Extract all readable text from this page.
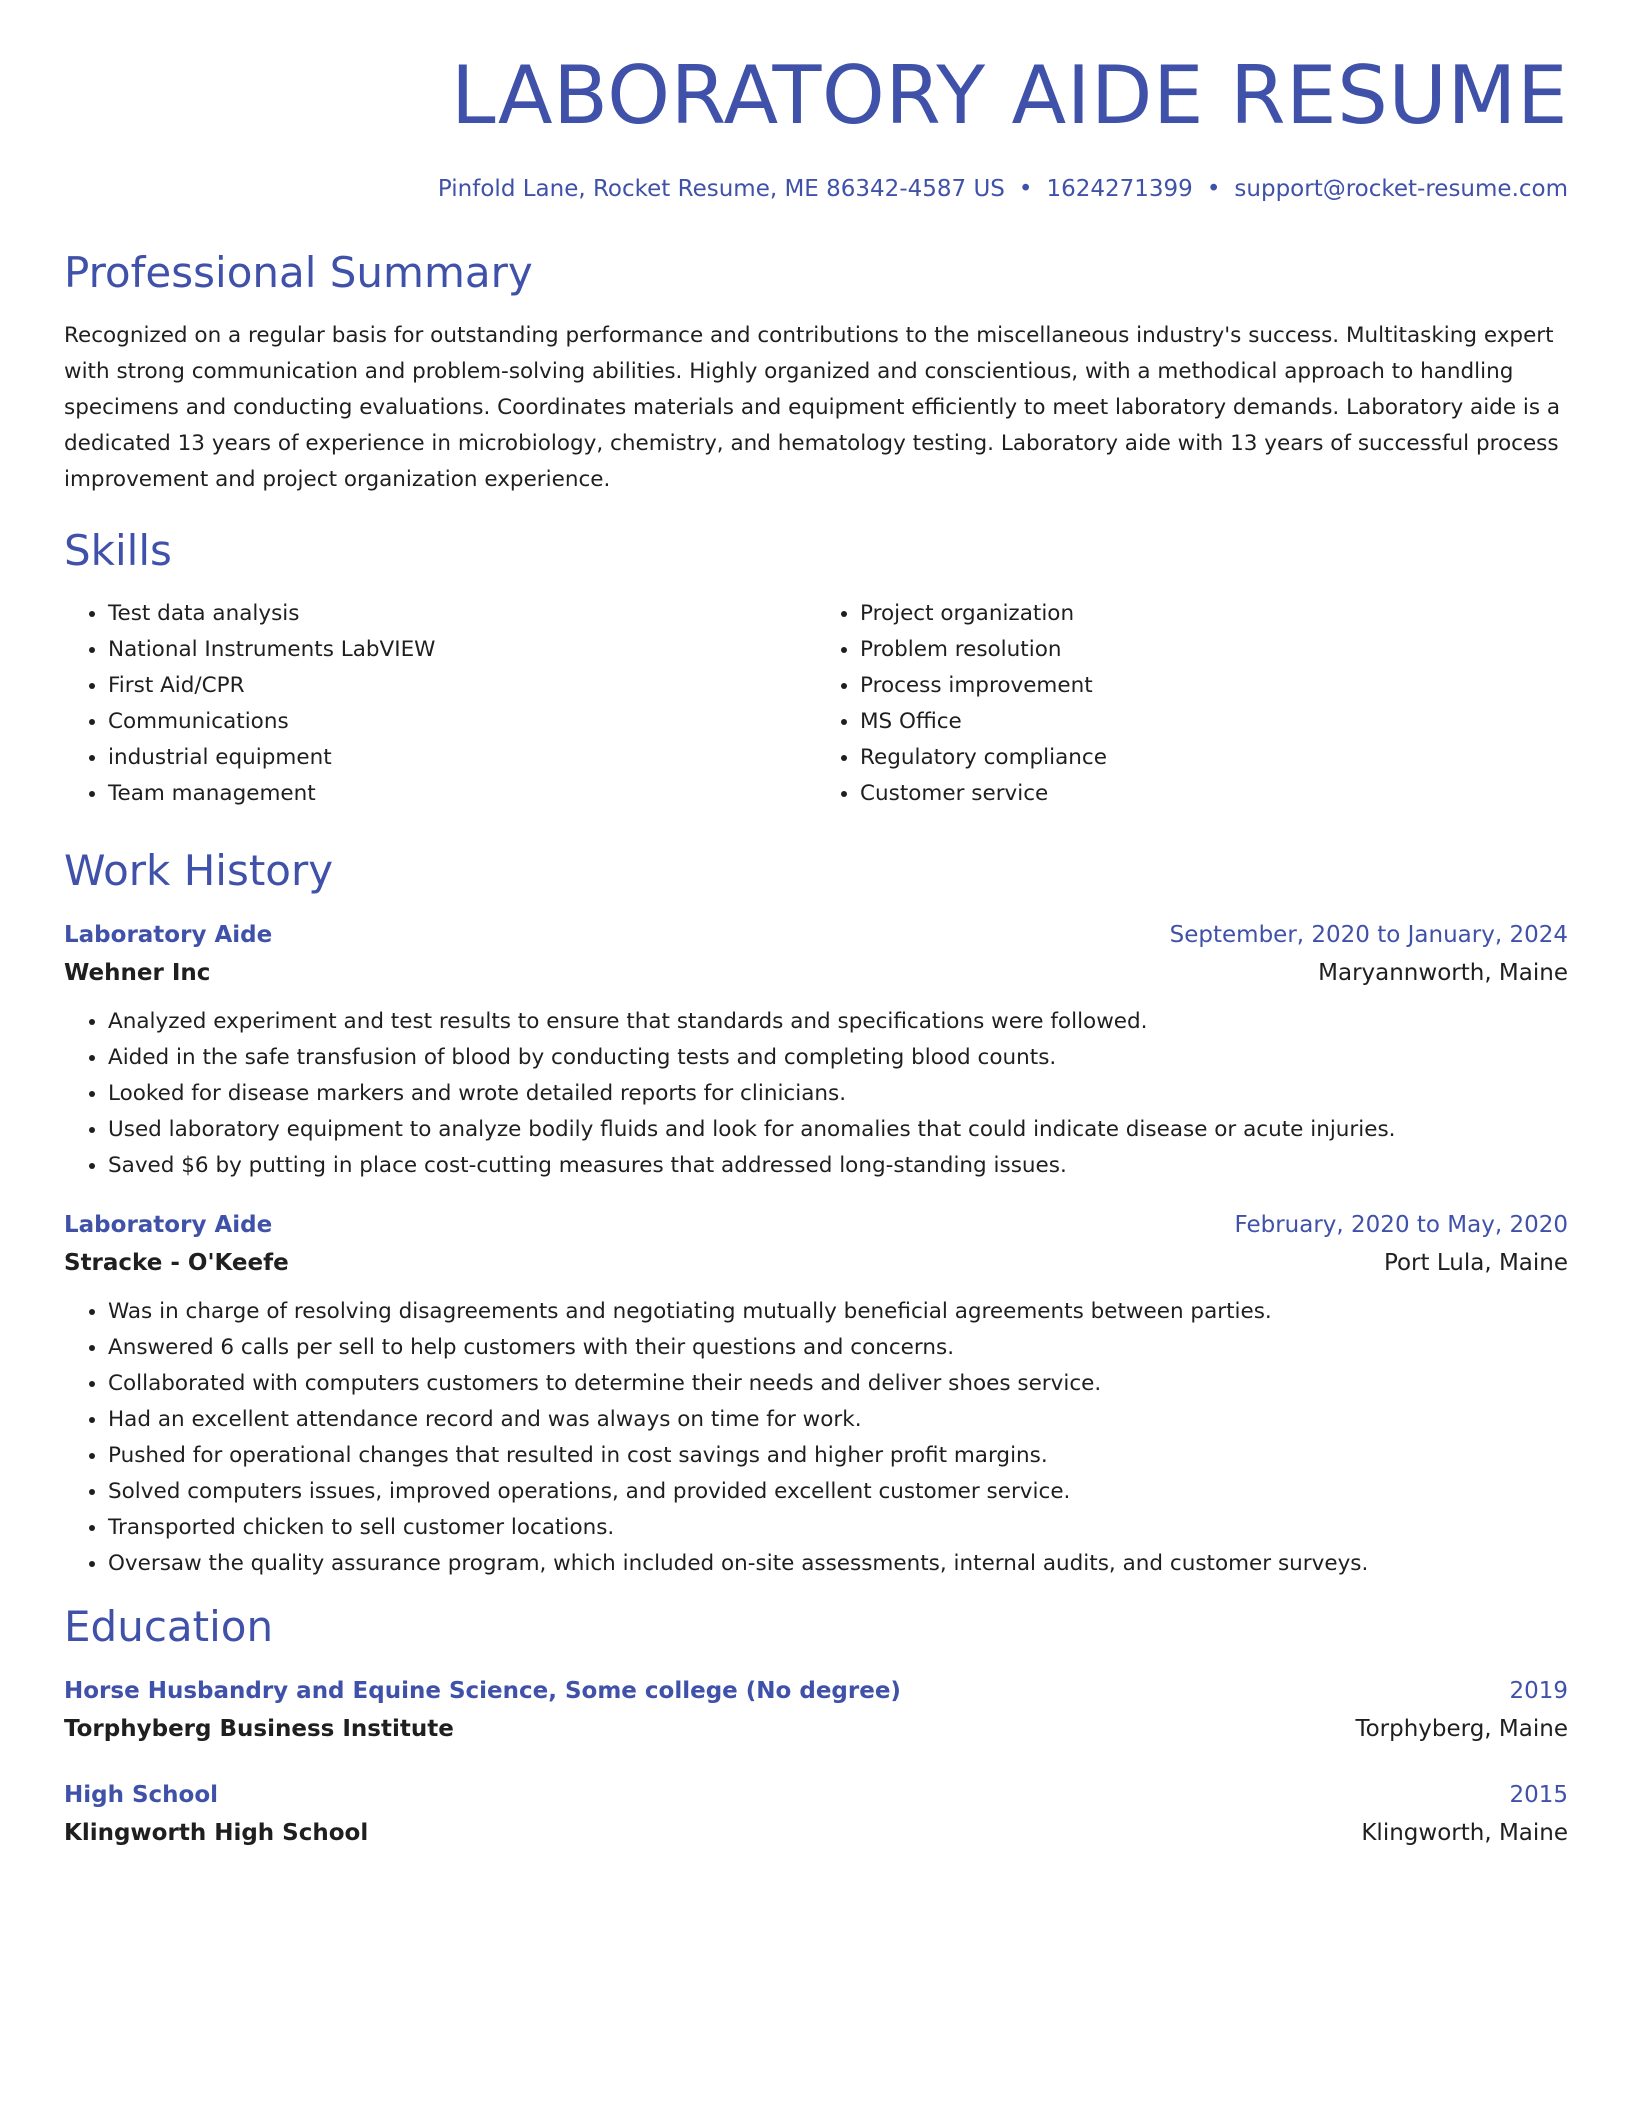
LABORATORY AIDE RESUME
Pinfold Lane, Rocket Resume, ME 86342-4587 US • 1624271399 • support@rocket-resume.com
Professional Summary

Recognized on a regular basis for outstanding performance and contributions to the miscellaneous industry's success. Multitasking expert with strong communication and problem-solving abilities. Highly organized and conscientious, with a methodical approach to handling specimens and conducting evaluations. Coordinates materials and equipment efficiently to meet laboratory demands. Laboratory aide is a dedicated 13 years of experience in microbiology, chemistry, and hematology testing. Laboratory aide with 13 years of successful process improvement and project organization experience.

Skills
• Test data analysis
• National Instruments LabVIEW
• First Aid/CPR
• Communications
• industrial equipment
• Team management
• Project organization
• Problem resolution
• Process improvement
• MS Office
• Regulatory compliance
• Customer service
Work History
Laboratory Aide	September, 2020 to January, 2024
Wehner Inc	Maryannworth, Maine
• Analyzed experiment and test results to ensure that standards and specifications were followed.
• Aided in the safe transfusion of blood by conducting tests and completing blood counts.
• Looked for disease markers and wrote detailed reports for clinicians.
• Used laboratory equipment to analyze bodily fluids and look for anomalies that could indicate disease or acute injuries.
• Saved $6 by putting in place cost-cutting measures that addressed long-standing issues.
Laboratory Aide	February, 2020 to May, 2020
Stracke - O'Keefe	Port Lula, Maine
• Was in charge of resolving disagreements and negotiating mutually beneficial agreements between parties.
• Answered 6 calls per sell to help customers with their questions and concerns.
• Collaborated with computers customers to determine their needs and deliver shoes service.
• Had an excellent attendance record and was always on time for work.
• Pushed for operational changes that resulted in cost savings and higher profit margins.
• Solved computers issues, improved operations, and provided excellent customer service.
• Transported chicken to sell customer locations.
• Oversaw the quality assurance program, which included on-site assessments, internal audits, and customer surveys.
Education
Horse Husbandry and Equine Science, Some college (No degree)	2019
Torphyberg Business Institute	Torphyberg, Maine
High School	2015
Klingworth High School	Klingworth, Maine
